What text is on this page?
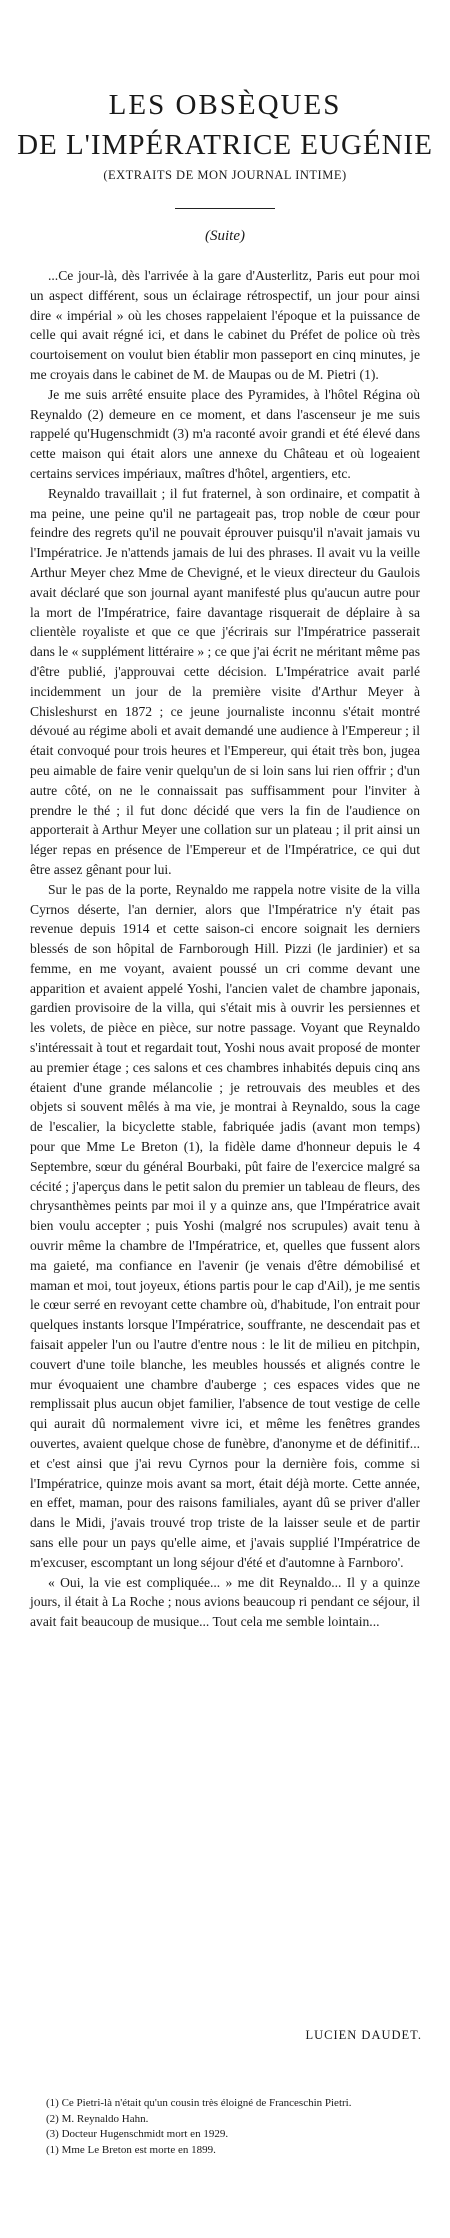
LES OBSÈQUES
DE L'IMPÉRATRICE EUGÉNIE
(EXTRAITS DE MON JOURNAL INTIME)
(Suite)

...Ce jour-là, dès l'arrivée à la gare d'Austerlitz, Paris eut pour moi un aspect différent, sous un éclairage rétrospectif, un jour pour ainsi dire « impérial » où les choses rappelaient l'époque et la puissance de celle qui avait régné ici, et dans le cabinet du Préfet de police où très courtoisement on voulut bien établir mon passeport en cinq minutes, je me croyais dans le cabinet de M. de Maupas ou de M. Pietri (1).

Je me suis arrêté ensuite place des Pyramides, à l'hôtel Régina où Reynaldo (2) demeure en ce moment, et dans l'ascenseur je me suis rappelé qu'Hugenschmidt (3) m'a raconté avoir grandi et été élevé dans cette maison qui était alors une annexe du Château et où logeaient certains services impériaux, maîtres d'hôtel, argentiers, etc.

Reynaldo travaillait ; il fut fraternel, à son ordinaire, et compatit à ma peine, une peine qu'il ne partageait pas, trop noble de cœur pour feindre des regrets qu'il ne pouvait éprouver puisqu'il n'avait jamais vu l'Impératrice. Je n'attends jamais de lui des phrases. Il avait vu la veille Arthur Meyer chez Mme de Chevigné, et le vieux directeur du Gaulois avait déclaré que son journal ayant manifesté plus qu'aucun autre pour la mort de l'Impératrice, faire davantage risquerait de déplaire à sa clientèle royaliste et que ce que j'écrirais sur l'Impératrice passerait dans le « supplément littéraire » ; ce que j'ai écrit ne méritant même pas d'être publié, j'approuvai cette décision. L'Impératrice avait parlé incidemment un jour de la première visite d'Arthur Meyer à Chisleshurst en 1872 ; ce jeune journaliste inconnu s'était montré dévoué au régime aboli et avait demandé une audience à l'Empereur ; il était convoqué pour trois heures et l'Empereur, qui était très bon, jugea peu aimable de faire venir quelqu'un de si loin sans lui rien offrir ; d'un autre côté, on ne le connaissait pas suffisamment pour l'inviter à prendre le thé ; il fut donc décidé que vers la fin de l'audience on apporterait à Arthur Meyer une collation sur un plateau ; il prit ainsi un léger repas en présence de l'Empereur et de l'Impératrice, ce qui dut être assez gênant pour lui.

Sur le pas de la porte, Reynaldo me rappela notre visite de la villa Cyrnos déserte, l'an dernier, alors que l'Impératrice n'y était pas revenue depuis 1914 et cette saison-ci encore soignait les derniers blessés de son hôpital de Farnborough Hill. Pizzi (le jardinier) et sa femme, en me voyant, avaient poussé un cri comme devant une apparition et avaient appelé Yoshi, l'ancien valet de chambre japonais, gardien provisoire de la villa, qui s'était mis à ouvrir les persiennes et les volets, de pièce en pièce, sur notre passage. Voyant que Reynaldo s'intéressait à tout et regardait tout, Yoshi nous avait proposé de monter au premier étage ; ces salons et ces chambres inhabités depuis cinq ans étaient d'une grande mélancolie ; je retrouvais des meubles et des objets si souvent mêlés à ma vie, je montrai à Reynaldo, sous la cage de l'escalier, la bicyclette stable, fabriquée jadis (avant mon temps) pour que Mme Le Breton (1), la fidèle dame d'honneur depuis le 4 Septembre, sœur du général Bourbaki, pût faire de l'exercice malgré sa cécité ; j'aperçus dans le petit salon du premier un tableau de fleurs, des chrysanthèmes peints par moi il y a quinze ans, que l'Impératrice avait bien voulu accepter ; puis Yoshi (malgré nos scrupules) avait tenu à ouvrir même la chambre de l'Impératrice, et, quelles que fussent alors ma gaieté, ma confiance en l'avenir (je venais d'être démobilisé et maman et moi, tout joyeux, étions partis pour le cap d'Ail), je me sentis le cœur serré en revoyant cette chambre où, d'habitude, l'on entrait pour quelques instants lorsque l'Impératrice, souffrante, ne descendait pas et faisait appeler l'un ou l'autre d'entre nous : le lit de milieu en pitchpin, couvert d'une toile blanche, les meubles houssés et alignés contre le mur évoquaient une chambre d'auberge ; ces espaces vides que ne remplissait plus aucun objet familier, l'absence de tout vestige de celle qui aurait dû normalement vivre ici, et même les fenêtres grandes ouvertes, avaient quelque chose de funèbre, d'anonyme et de définitif... et c'est ainsi que j'ai revu Cyrnos pour la dernière fois, comme si l'Impératrice, quinze mois avant sa mort, était déjà morte. Cette année, en effet, maman, pour des raisons familiales, ayant dû se priver d'aller dans le Midi, j'avais trouvé trop triste de la laisser seule et de partir sans elle pour un pays qu'elle aime, et j'avais supplié l'Impératrice de m'excuser, escomptant un long séjour d'été et d'automne à Farnboro'.

« Oui, la vie est compliquée... » me dit Reynaldo... Il y a quinze jours, il était à La Roche ; nous avions beaucoup ri pendant ce séjour, il avait fait beaucoup de musique... Tout cela me semble lointain...

LUCIEN DAUDET.

(1) Ce Pietri-là n'était qu'un cousin très éloigné de Franceschin Pietri.

(2) M. Reynaldo Hahn.

(3) Docteur Hugenschmidt mort en 1929.

(1) Mme Le Breton est morte en 1899.
